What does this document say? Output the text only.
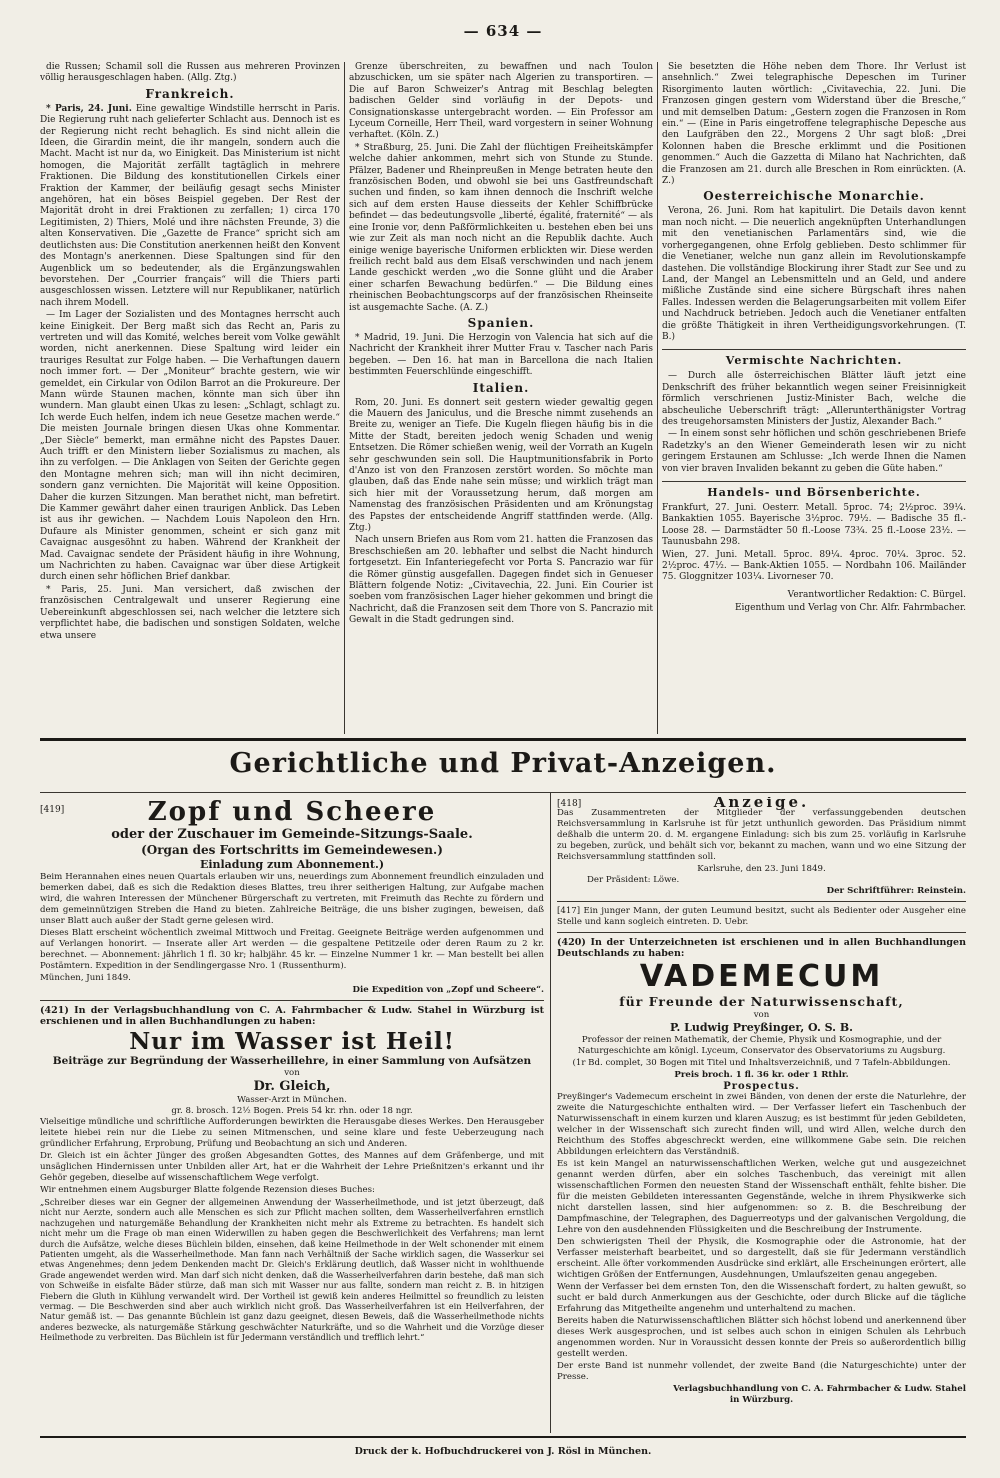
— 634 —

die Russen; Schamil soll die Russen aus mehreren Provinzen völlig herausgeschlagen haben. (Allg. Ztg.)

Frankreich.

* Paris, 24. Juni. Eine gewaltige Windstille herrscht in Paris. Die Regierung ruht nach gelieferter Schlacht aus. Dennoch ist es der Regierung nicht recht behaglich. Es sind nicht allein die Ideen, die Girardin meint, die ihr mangeln, sondern auch die Macht. Macht ist nur da, wo Einigkeit. Das Ministerium ist nicht homogen, die Majorität zerfällt tagtäglich in mehrere Fraktionen. Die Bildung des konstitutionellen Cirkels einer Fraktion der Kammer, der beiläufig gesagt sechs Minister angehören, hat ein böses Beispiel gegeben. Der Rest der Majorität droht in drei Fraktionen zu zerfallen; 1) circa 170 Legitimisten, 2) Thiers, Molé und ihre nächsten Freunde, 3) die alten Konservativen. Die „Gazette de France“ spricht sich am deutlichsten aus: Die Constitution anerkennen heißt den Konvent des Montagn's anerkennen. Diese Spaltungen sind für den Augenblick um so bedeutender, als die Ergänzungswahlen bevorstehen. Der „Courrier français“ will die Thiers parti ausgeschlossen wissen. Letztere will nur Republikaner, natürlich nach ihrem Modell.

— Im Lager der Sozialisten und des Montagnes herrscht auch keine Einigkeit. Der Berg maßt sich das Recht an, Paris zu vertreten und will das Komité, welches bereit vom Volke gewählt worden, nicht anerkennen. Diese Spaltung wird leider ein trauriges Resultat zur Folge haben. — Die Verhaftungen dauern noch immer fort. — Der „Moniteur“ brachte gestern, wie wir gemeldet, ein Cirkular von Odilon Barrot an die Prokureure. Der Mann würde Staunen machen, könnte man sich über ihn wundern. Man glaubt einen Ukas zu lesen: „Schlagt, schlagt zu. Ich werde Euch helfen, indem ich neue Gesetze machen werde.“ Die meisten Journale bringen diesen Ukas ohne Kommentar. „Der Siècle“ bemerkt, man ermähne nicht des Papstes Dauer. Auch trifft er den Ministern lieber Sozialismus zu machen, als ihn zu verfolgen. — Die Anklagen von Seiten der Gerichte gegen den Montagne mehren sich; man will ihn nicht decimiren, sondern ganz vernichten. Die Majorität will keine Opposition. Daher die kurzen Sitzungen. Man berathet nicht, man befretirt. Die Kammer gewährt daher einen traurigen Anblick. Das Leben ist aus ihr gewichen. — Nachdem Louis Napoleon den Hrn. Dufaure als Minister genommen, scheint er sich ganz mit Cavaignac ausgesöhnt zu haben. Während der Krankheit der Mad. Cavaignac sendete der Präsident häufig in ihre Wohnung, um Nachrichten zu haben. Cavaignac war über diese Artigkeit durch einen sehr höflichen Brief dankbar.

* Paris, 25. Juni. Man versichert, daß zwischen der französischen Centralgewalt und unserer Regierung eine Uebereinkunft abgeschlossen sei, nach welcher die letztere sich verpflichtet habe, die badischen und sonstigen Soldaten, welche etwa unsere

Grenze überschreiten, zu bewaffnen und nach Toulon abzuschicken, um sie später nach Algerien zu transportiren. — Die auf Baron Schweizer's Antrag mit Beschlag belegten badischen Gelder sind vorläufig in der Depots- und Consignationskasse untergebracht worden. — Ein Professor am Lyceum Corneille, Herr Theil, ward vorgestern in seiner Wohnung verhaftet. (Köln. Z.)

* Straßburg, 25. Juni. Die Zahl der flüchtigen Freiheitskämpfer welche dahier ankommen, mehrt sich von Stunde zu Stunde. Pfälzer, Badener und Rheinpreußen in Menge betraten heute den französischen Boden, und obwohl sie bei uns Gastfreundschaft suchen und finden, so kam ihnen dennoch die Inschrift welche sich auf dem ersten Hause diesseits der Kehler Schiffbrücke befindet — das bedeutungsvolle „liberté, égalité, fraternité“ — als eine Ironie vor, denn Paßförmlichkeiten u. bestehen eben bei uns wie zur Zeit als man noch nicht an die Republik dachte. Auch einige wenige bayerische Uniformen erblickten wir. Diese werden freilich recht bald aus dem Elsaß verschwinden und nach jenem Lande geschickt werden „wo die Sonne glüht und die Araber einer scharfen Bewachung bedürfen.“ — Die Bildung eines rheinischen Beobachtungscorps auf der französischen Rheinseite ist ausgemachte Sache. (A. Z.)

Spanien.

* Madrid, 19. Juni. Die Herzogin von Valencia hat sich auf die Nachricht der Krankheit ihrer Mutter Frau v. Tascher nach Paris begeben. — Den 16. hat man in Barcellona die nach Italien bestimmten Feuerschlünde eingeschifft.

Italien.

Rom, 20. Juni. Es donnert seit gestern wieder gewaltig gegen die Mauern des Janiculus, und die Bresche nimmt zusehends an Breite zu, weniger an Tiefe. Die Kugeln fliegen häufig bis in die Mitte der Stadt, bereiten jedoch wenig Schaden und wenig Entsetzen. Die Römer schießen wenig, weil der Vorrath an Kugeln sehr geschwunden sein soll. Die Hauptmunitionsfabrik in Porto d'Anzo ist von den Franzosen zerstört worden. So möchte man glauben, daß das Ende nahe sein müsse; und wirklich trägt man sich hier mit der Voraussetzung herum, daß morgen am Namenstag des französischen Präsidenten und am Krönungstag des Papstes der entscheidende Angriff stattfinden werde. (Allg. Ztg.)

Nach unsern Briefen aus Rom vom 21. hatten die Franzosen das Breschschießen am 20. lebhafter und selbst die Nacht hindurch fortgesetzt. Ein Infanteriegefecht vor Porta S. Pancrazio war für die Römer günstig ausgefallen. Dagegen findet sich in Genueser Blättern folgende Notiz: „Civitavechia, 22. Juni. Ein Courier ist soeben vom französischen Lager hieher gekommen und bringt die Nachricht, daß die Franzosen seit dem Thore von S. Pancrazio mit Gewalt in die Stadt gedrungen sind.

Sie besetzten die Höhe neben dem Thore. Ihr Verlust ist ansehnlich.“ Zwei telegraphische Depeschen im Turiner Risorgimento lauten wörtlich: „Civitavechia, 22. Juni. Die Franzosen gingen gestern vom Widerstand über die Bresche,“ und mit demselben Datum: „Gestern zogen die Franzosen in Rom ein.“ — (Eine in Paris eingetroffene telegraphische Depesche aus den Laufgräben den 22., Morgens 2 Uhr sagt bloß: „Drei Kolonnen haben die Bresche erklimmt und die Positionen genommen.“ Auch die Gazzetta di Milano hat Nachrichten, daß die Franzosen am 21. durch alle Breschen in Rom einrückten. (A. Z.)

Oesterreichische Monarchie.

Verona, 26. Juni. Rom hat kapitulirt. Die Details davon kennt man noch nicht. — Die neuerlich angeknüpften Unterhandlungen mit den venetianischen Parlamentärs sind, wie die vorhergegangenen, ohne Erfolg geblieben. Desto schlimmer für die Venetianer, welche nun ganz allein im Revolutionskampfe dastehen. Die vollständige Blockirung ihrer Stadt zur See und zu Land, der Mangel an Lebensmitteln und an Geld, und andere mißliche Zustände sind eine sichere Bürgschaft ihres nahen Falles. Indessen werden die Belagerungsarbeiten mit vollem Eifer und Nachdruck betrieben. Jedoch auch die Venetianer entfalten die größte Thätigkeit in ihren Vertheidigungsvorkehrungen. (T. B.)

Vermischte Nachrichten.

— Durch alle österreichischen Blätter läuft jetzt eine Denkschrift des früher bekanntlich wegen seiner Freisinnigkeit förmlich verschrienen Justiz-Minister Bach, welche die abscheuliche Ueberschrift trägt: „Allerunterthänigster Vortrag des treugehorsamsten Ministers der Justiz, Alexander Bach.“

— In einem sonst sehr höflichen und schön geschriebenen Briefe Radetzky's an den Wiener Gemeinderath lesen wir zu nicht geringem Erstaunen am Schlusse: „Ich werde Ihnen die Namen von vier braven Invaliden bekannt zu geben die Güte haben.“

Handels- und Börsenberichte.

Frankfurt, 27. Juni. Oesterr. Metall. 5proc. 74; 2½proc. 39¼. Bankaktien 1055. Bayerische 3½proc. 79½. — Badische 35 fl.-Loose 28. — Darmstädter 50 fl.-Loose 73¾. 25 fl.-Loose 23½. — Taunusbahn 298.

Wien, 27. Juni. Metall. 5proc. 89¼. 4proc. 70¼. 3proc. 52. 2½proc. 47½. — Bank-Aktien 1055. — Nordbahn 106. Mailänder 75. Gloggnitzer 103¼. Livorneser 70.

Verantwortlicher Redaktion: C. Bürgel.
Eigenthum und Verlag von Chr. Alfr. Fahrmbacher.
Gerichtliche und Privat-Anzeigen.
[419]	Zopf und Scheere
oder der Zuschauer im Gemeinde-Sitzungs-Saale.
(Organ des Fortschritts im Gemeindewesen.)
Einladung zum Abonnement.)

Beim Herannahen eines neuen Quartals erlauben wir uns, neuerdings zum Abonnement freundlich einzuladen und bemerken dabei, daß es sich die Redaktion dieses Blattes, treu ihrer seitherigen Haltung, zur Aufgabe machen wird, die wahren Interessen der Münchener Bürgerschaft zu vertreten, mit Freimuth das Rechte zu fördern und dem gemeinnützigen Streben die Hand zu bieten. Zahlreiche Beiträge, die uns bisher zugingen, beweisen, daß unser Blatt auch außer der Stadt gerne gelesen wird.

Dieses Blatt erscheint wöchentlich zweimal Mittwoch und Freitag. Geeignete Beiträge werden aufgenommen und auf Verlangen honorirt. — Inserate aller Art werden — die gespaltene Petitzeile oder deren Raum zu 2 kr. berechnet. — Abonnement: jährlich 1 fl. 30 kr; halbjähr. 45 kr. — Einzelne Nummer 1 kr. — Man bestellt bei allen Postämtern. Expedition in der Sendlingergasse Nro. 1 (Russenthurm).

München, Juni 1849.

Die Expedition von „Zopf und Scheere“.

(421) In der Verlagsbuchhandlung von C. A. Fahrmbacher & Ludw. Stahel in Würzburg ist erschienen und in allen Buchhandlungen zu haben:

Nur im Wasser ist Heil!
Beiträge zur Begründung der Wasserheillehre, in einer Sammlung von Aufsätzen
von
Dr. Gleich,
Wasser-Arzt in München.
gr. 8. brosch. 12½ Bogen. Preis 54 kr. rhn. oder 18 ngr.

Vielseitige mündliche und schriftliche Aufforderungen bewirkten die Herausgabe dieses Werkes. Den Herausgeber leitete hiebei rein nur die Liebe zu seinen Mitmenschen, und seine klare und feste Ueberzeugung nach gründlicher Erfahrung, Erprobung, Prüfung und Beobachtung an sich und Anderen.

Dr. Gleich ist ein ächter Jünger des großen Abgesandten Gottes, des Mannes auf dem Gräfenberge, und mit unsäglichen Hindernissen unter Unbilden aller Art, hat er die Wahrheit der Lehre Prießnitzen's erkannt und ihr Gehör gegeben, dieselbe auf wissenschaftlichem Wege verfolgt.

Wir entnehmen einem Augsburger Blatte folgende Rezension dieses Buches:

„Schreiber dieses war ein Gegner der allgemeinen Anwendung der Wasserheilmethode, und ist jetzt überzeugt, daß nicht nur Aerzte, sondern auch alle Menschen es sich zur Pflicht machen sollten, dem Wasserheilverfahren ernstlich nachzugehen und naturgemäße Behandlung der Krankheiten nicht mehr als Extreme zu betrachten. Es handelt sich nicht mehr um die Frage ob man einen Widerwillen zu haben gegen die Beschwerlichkeit des Verfahrens; man lernt durch die Aufsätze, welche dieses Büchlein bilden, einsehen, daß keine Heilmethode in der Welt schonender mit einem Patienten umgeht, als die Wasserheilmethode. Man fann nach Verhältniß der Sache wirklich sagen, die Wasserkur sei etwas Angenehmes; denn jedem Denkenden macht Dr. Gleich's Erklärung deutlich, daß Wasser nicht in wohlthuende Grade angewendet werden wird. Man darf sich nicht denken, daß die Wasserheilverfahren darin bestehe, daß man sich von Schweiße in eisfalte Bäder stürze, daß man sich mit Wasser nur aus fallte, sondern man reicht z. B. in hitzigen Fiebern die Gluth in Kühlung verwandelt wird. Der Vortheil ist gewiß kein anderes Heilmittel so freundlich zu leisten vermag. — Die Beschwerden sind aber auch wirklich nicht groß. Das Wasserheilverfahren ist ein Heilverfahren, der Natur gemäß ist. — Das genannte Büchlein ist ganz dazu geeignet, diesen Beweis, daß die Wasserheilmethode nichts anderes bezwecke, als naturgemäße Stärkung geschwächter Naturkräfte, und so die Wahrheit und die Vorzüge dieser Heilmethode zu verbreiten. Das Büchlein ist für Jedermann verständlich und trefflich lehrt.“

[418]	Anzeige.

Das Zusammentreten der Mitglieder der verfassunggebenden deutschen Reichsversammlung in Karlsruhe ist für jetzt unthunlich geworden. Das Präsidium nimmt deßhalb die unterm 20. d. M. ergangene Einladung: sich bis zum 25. vorläufig in Karlsruhe zu begeben, zurück, und behält sich vor, bekannt zu machen, wann und wo eine Sitzung der Reichsversammlung stattfinden soll.

Karlsruhe, den 23. Juni 1849.
Der Präsident: Löwe.
Der Schriftführer: Reinstein.

[417] Ein junger Mann, der guten Leumund besitzt, sucht als Bedienter oder Ausgeher eine Stelle und kann sogleich eintreten. D. Uebr.

(420) In der Unterzeichneten ist erschienen und in allen Buchhandlungen Deutschlands zu haben:

VADEMECUM
für Freunde der Naturwissenschaft,
von
P. Ludwig Preyßinger, O. S. B.

Professor der reinen Mathematik, der Chemie, Physik und Kosmographie, und der Naturgeschichte am königl. Lyceum, Conservator des Observatoriums zu Augsburg.

(1r Bd. complet, 30 Bogen mit Titel und Inhaltsverzeichniß, und 7 Tafeln-Abbildungen.

Preis broch. 1 fl. 36 kr. oder 1 Rthlr.
Prospectus.

Preyßinger's Vademecum erscheint in zwei Bänden, von denen der erste die Naturlehre, der zweite die Naturgeschichte enthalten wird. — Der Verfasser liefert ein Taschenbuch der Naturwissenschaft in einem kurzen und klaren Auszug; es ist bestimmt für jeden Gebildeten, welcher in der Wissenschaft sich zurecht finden will, und wird Allen, welche durch den Reichthum des Stoffes abgeschreckt werden, eine willkommene Gabe sein. Die reichen Abbildungen erleichtern das Verständniß.

Es ist kein Mangel an naturwissenschaftlichen Werken, welche gut und ausgezeichnet genannt werden dürfen, aber ein solches Taschenbuch, das vereinigt mit allen wissenschaftlichen Formen den neuesten Stand der Wissenschaft enthält, fehlte bisher. Die für die meisten Gebildeten interessanten Gegenstände, welche in ihrem Physikwerke sich nicht darstellen lassen, sind hier aufgenommen: so z. B. die Beschreibung der Dampfmaschine, der Telegraphen, des Daguerreotyps und der galvanischen Vergoldung, die Lehre von den ausdehnenden Flüssigkeiten und die Beschreibung der Instrumente.

Den schwierigsten Theil der Physik, die Kosmographie oder die Astronomie, hat der Verfasser meisterhaft bearbeitet, und so dargestellt, daß sie für Jedermann verständlich erscheint. Alle öfter vorkommenden Ausdrücke sind erklärt, alle Erscheinungen erörtert, alle wichtigen Größen der Entfernungen, Ausdehnungen, Umlaufszeiten genau angegeben.

Wenn der Verfasser bei dem ernsten Ton, den die Wissenschaft fordert, zu halten gewußt, so sucht er bald durch Anmerkungen aus der Geschichte, oder durch Blicke auf die tägliche Erfahrung das Mitgetheilte angenehm und unterhaltend zu machen.

Bereits haben die Naturwissenschaftlichen Blätter sich höchst lobend und anerkennend über dieses Werk ausgesprochen, und ist selbes auch schon in einigen Schulen als Lehrbuch angenommen worden. Nur in Voraussicht dessen konnte der Preis so außerordentlich billig gestellt werden.

Der erste Band ist nunmehr vollendet, der zweite Band (die Naturgeschichte) unter der Presse.

Verlagsbuchhandlung von C. A. Fahrmbacher & Ludw. Stahel
in Würzburg.
Druck der k. Hofbuchdruckerei von J. Rösl in München.
